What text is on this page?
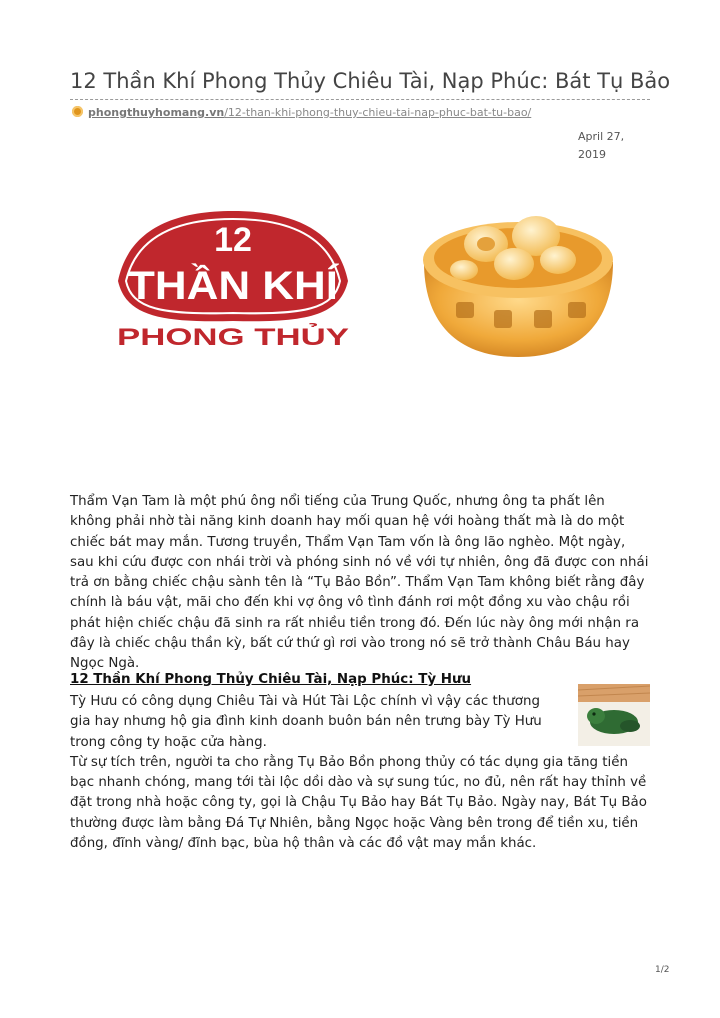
12 Thần Khí Phong Thủy Chiêu Tài, Nạp Phúc: Bát Tụ Bảo
phongthuyhomang.vn/12-than-khi-phong-thuy-chieu-tai-nap-phuc-bat-tu-bao/
April 27,
2019
12
THẦN KHÍ
PHONG THỦY

Thẩm Vạn Tam là một phú ông nổi tiếng của Trung Quốc, nhưng ông ta phất lên không phải nhờ tài năng kinh doanh hay mối quan hệ với hoàng thất mà là do một chiếc bát may mắn. Tương truyền, Thẩm Vạn Tam vốn là ông lão nghèo. Một ngày, sau khi cứu được con nhái trời và phóng sinh nó về với tự nhiên, ông đã được con nhái trả ơn bằng chiếc chậu sành tên là “Tụ Bảo Bồn”. Thẩm Vạn Tam không biết rằng đây chính là báu vật, mãi cho đến khi vợ ông vô tình đánh rơi một đồng xu vào chậu rồi phát hiện chiếc chậu đã sinh ra rất nhiều tiền trong đó. Đến lúc này ông mới nhận ra đây là chiếc chậu thần kỳ, bất cứ thứ gì rơi vào trong nó sẽ trở thành Châu Báu hay Ngọc Ngà.

12 Thần Khí Phong Thủy Chiêu Tài, Nạp Phúc: Tỳ Hưu

Tỳ Hưu có công dụng Chiêu Tài và Hút Tài Lộc chính vì vậy các thương gia hay nhưng hộ gia đình kinh doanh buôn bán nên trưng bày Tỳ Hưu trong công ty hoặc cửa hàng.

Từ sự tích trên, người ta cho rằng Tụ Bảo Bồn phong thủy có tác dụng gia tăng tiền bạc nhanh chóng, mang tới tài lộc dồi dào và sự sung túc, no đủ, nên rất hay thỉnh về đặt trong nhà hoặc công ty, gọi là Chậu Tụ Bảo hay Bát Tụ Bảo. Ngày nay, Bát Tụ Bảo thường được làm bằng Đá Tự Nhiên, bằng Ngọc hoặc Vàng bên trong để tiền xu, tiền đồng, đĩnh vàng/ đĩnh bạc, bùa hộ thân và các đồ vật may mắn khác.

1/2
